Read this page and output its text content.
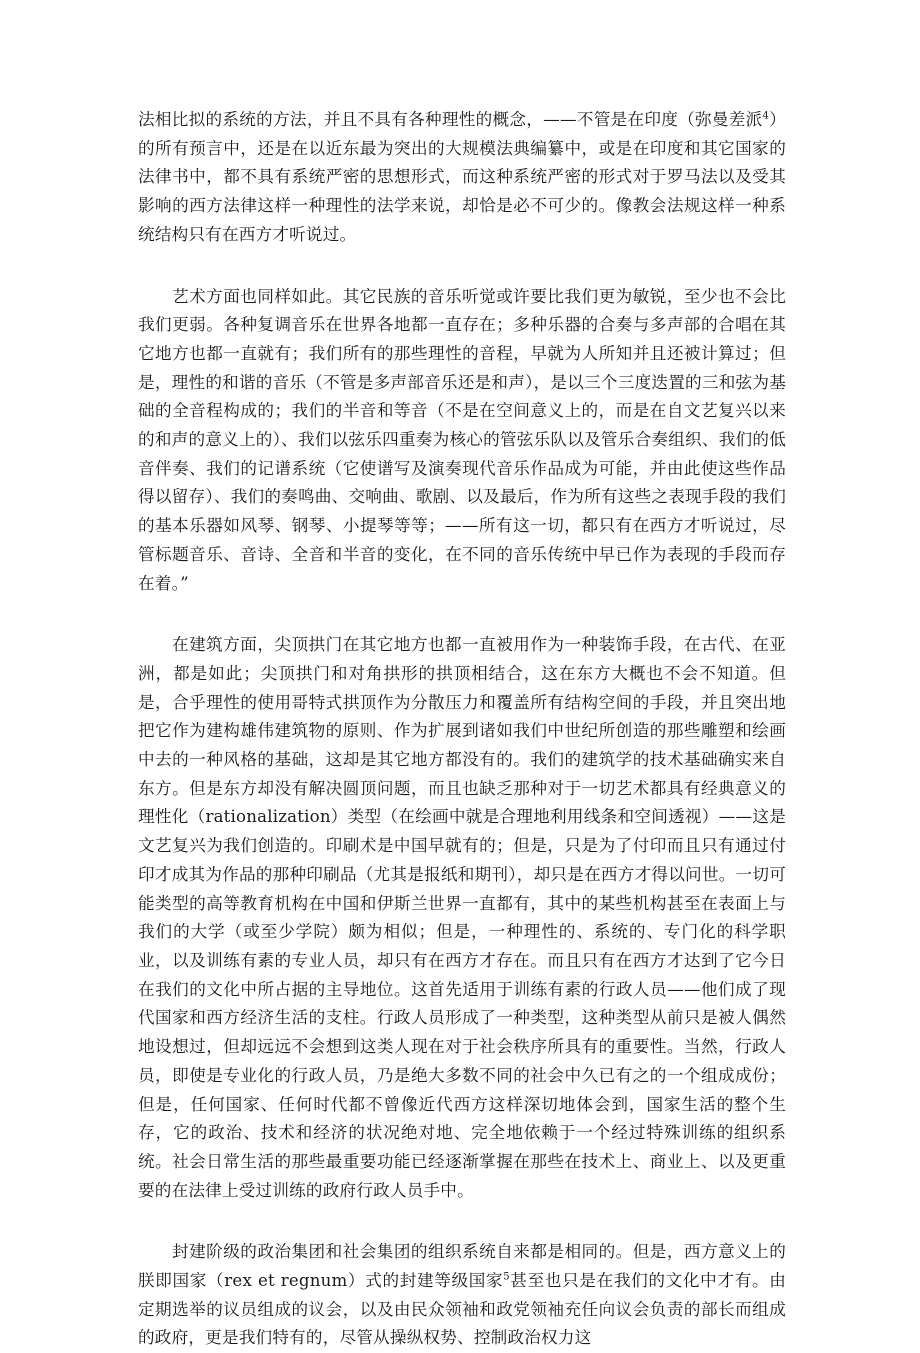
法相比拟的系统的方法，并且不具有各种理性的概念，——不管是在印度（弥曼差派$^4$）的所有预言中，还是在以近东最为突出的大规模法典编纂中，或是在印度和其它国家的法律书中，都不具有系统严密的思想形式，而这种系统严密的形式对于罗马法以及受其影响的西方法律这样一种理性的法学来说，却恰是必不可少的。像教会法规这样一种系统结构只有在西方才听说过。

艺术方面也同样如此。其它民族的音乐听觉或许要比我们更为敏锐，至少也不会比我们更弱。各种复调音乐在世界各地都一直存在；多种乐器的合奏与多声部的合唱在其它地方也都一直就有；我们所有的那些理性的音程，早就为人所知并且还被计算过；但是，理性的和谐的音乐（不管是多声部音乐还是和声），是以三个三度迭置的三和弦为基础的全音程构成的；我们的半音和等音（不是在空间意义上的，而是在自文艺复兴以来的和声的意义上的）、我们以弦乐四重奏为核心的管弦乐队以及管乐合奏组织、我们的低音伴奏、我们的记谱系统（它使谱写及演奏现代音乐作品成为可能，并由此使这些作品得以留存）、我们的奏鸣曲、交响曲、歌剧、以及最后，作为所有这些之表现手段的我们的基本乐器如风琴、钢琴、小提琴等等；——所有这一切，都只有在西方才听说过，尽管标题音乐、音诗、全音和半音的变化，在不同的音乐传统中早已作为表现的手段而存在着。”

在建筑方面，尖顶拱门在其它地方也都一直被用作为一种装饰手段，在古代、在亚洲，都是如此；尖顶拱门和对角拱形的拱顶相结合，这在东方大概也不会不知道。但是，合乎理性的使用哥特式拱顶作为分散压力和覆盖所有结构空间的手段，并且突出地把它作为建构雄伟建筑物的原则、作为扩展到诸如我们中世纪所创造的那些雕塑和绘画中去的一种风格的基础，这却是其它地方都没有的。我们的建筑学的技术基础确实来自东方。但是东方却没有解决圆顶问题，而且也缺乏那种对于一切艺术都具有经典意义的理性化（rationalization）类型（在绘画中就是合理地利用线条和空间透视）——这是文艺复兴为我们创造的。印刷术是中国早就有的；但是，只是为了付印而且只有通过付印才成其为作品的那种印刷品（尤其是报纸和期刊），却只是在西方才得以问世。一切可能类型的高等教育机构在中国和伊斯兰世界一直都有，其中的某些机构甚至在表面上与我们的大学（或至少学院）颇为相似；但是，一种理性的、系统的、专门化的科学职业，以及训练有素的专业人员，却只有在西方才存在。而且只有在西方才达到了它今日在我们的文化中所占据的主导地位。这首先适用于训练有素的行政人员——他们成了现代国家和西方经济生活的支柱。行政人员形成了一种类型，这种类型从前只是被人偶然地设想过，但却远远不会想到这类人现在对于社会秩序所具有的重要性。当然，行政人员，即使是专业化的行政人员，乃是绝大多数不同的社会中久已有之的一个组成成份；但是，任何国家、任何时代都不曾像近代西方这样深切地体会到，国家生活的整个生存，它的政治、技术和经济的状况绝对地、完全地依赖于一个经过特殊训练的组织系统。社会日常生活的那些最重要功能已经逐渐掌握在那些在技术上、商业上、以及更重要的在法律上受过训练的政府行政人员手中。

封建阶级的政治集团和社会集团的组织系统自来都是相同的。但是，西方意义上的朕即国家（rex et regnum）式的封建等级国家$^5$甚至也只是在我们的文化中才有。由定期选举的议员组成的议会，以及由民众领袖和政党领袖充任向议会负责的部长而组成的政府，更是我们特有的，尽管从操纵权势、控制政治权力这
